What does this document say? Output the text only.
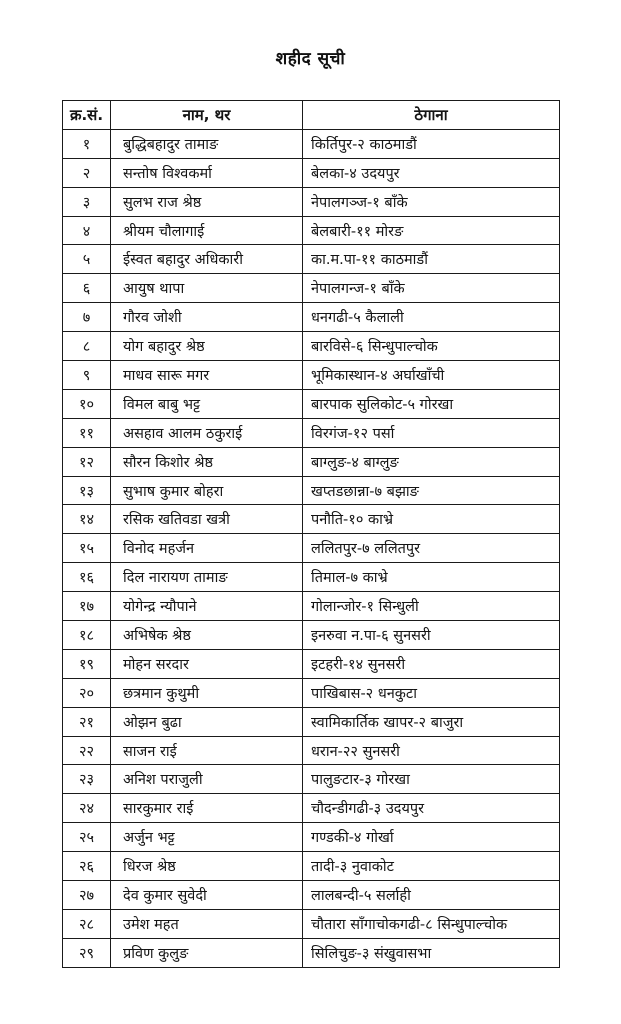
शहीद सूची
क्र.सं.	नाम, थर	ठेगाना
१	बुद्धिबहादुर तामाङ	किर्तिपुर-२ काठमाडौं
२	सन्तोष विश्वकर्मा	बेलका-४ उदयपुर
३	सुलभ राज श्रेष्ठ	नेपालगञ्ज-१ बाँके
४	श्रीयम चौलागाई	बेलबारी-११ मोरङ
५	ईस्वत बहादुर अधिकारी	का.म.पा-११ काठमाडौं
६	आयुष थापा	नेपालगन्ज-१ बाँके
७	गौरव जोशी	धनगढी-५ कैलाली
८	योग बहादुर श्रेष्ठ	बारविसे-६ सिन्धुपाल्चोक
९	माधव सारू मगर	भूमिकास्थान-४ अर्घाखाँची
१०	विमल बाबु भट्ट	बारपाक सुलिकोट-५ गोरखा
११	असहाव आलम ठकुराई	विरगंज-१२ पर्सा
१२	सौरन किशोर श्रेष्ठ	बाग्लुङ-४ बाग्लुङ
१३	सुभाष कुमार बोहरा	खप्तडछान्ना-७ बझाङ
१४	रसिक खतिवडा खत्री	पनौति-१० काभ्रे
१५	विनोद महर्जन	ललितपुर-७ ललितपुर
१६	दिल नारायण तामाङ	तिमाल-७ काभ्रे
१७	योगेन्द्र न्यौपाने	गोलान्जोर-१ सिन्धुली
१८	अभिषेक श्रेष्ठ	इनरुवा न.पा-६ सुनसरी
१९	मोहन सरदार	इटहरी-१४ सुनसरी
२०	छत्रमान कुथुमी	पाखिबास-२ धनकुटा
२१	ओझन बुढा	स्वामिकार्तिक खापर-२ बाजुरा
२२	साजन राई	धरान-२२ सुनसरी
२३	अनिश पराजुली	पालुङटार-३ गोरखा
२४	सारकुमार राई	चौदन्डीगढी-३ उदयपुर
२५	अर्जुन भट्ट	गण्डकी-४ गोर्खा
२६	धिरज श्रेष्ठ	तादी-३ नुवाकोट
२७	देव कुमार सुवेदी	लालबन्दी-५ सर्लाही
२८	उमेश महत	चौतारा साँगाचोकगढी-८ सिन्धुपाल्चोक
२९	प्रविण कुलुङ	सिलिचुङ-३ संखुवासभा
